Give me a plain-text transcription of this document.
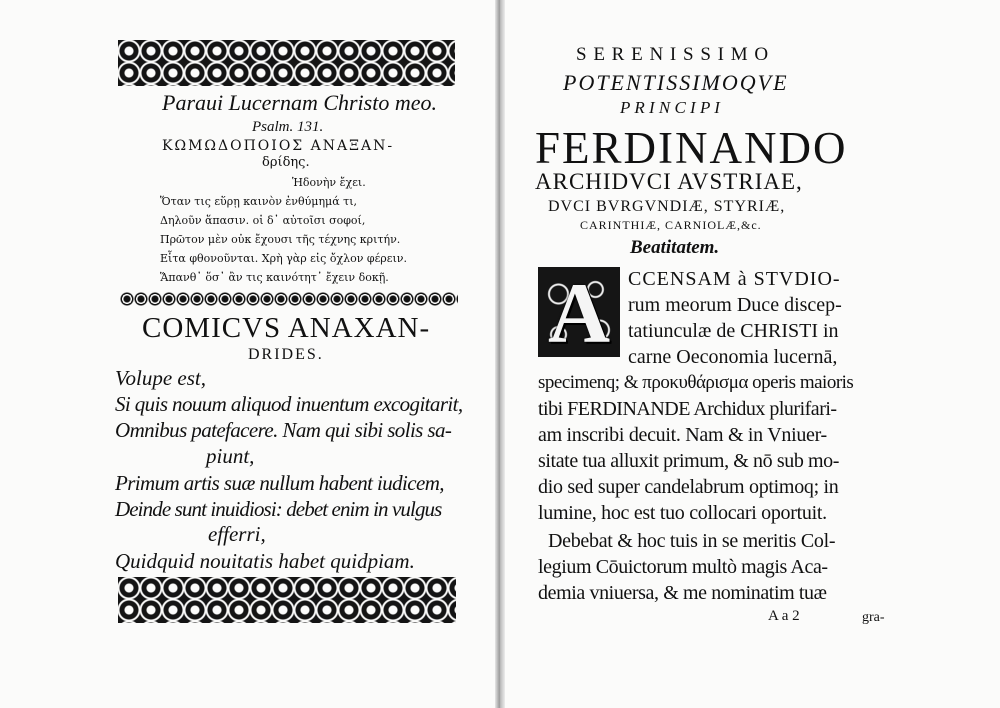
Paraui Lucernam Christo meo.
Psalm. 131.
ΚΩΜΩΔΟΠΟΙΟΣ ΑΝΑΞΑΝ-
δρίδης.
Ἡδονὴν ἔχει.
Ὅταν τις εὕρῃ καινὸν ἐνθύμημά τι,
Δηλοῦν ἅπασιν. οἱ δ᾽ αὐτοῖσι σοφοί,
Πρῶτον μὲν οὐκ ἔχουσι τῆς τέχνης κριτήν.
Εἶτα φθονοῦνται. Χρὴ γὰρ εἰς ὄχλον φέρειν.
Ἅπανθ᾽ ὅσ᾽ ἂν τις καινότητ᾽ ἔχειν δοκῇ.
COMICVS ANAXAN-
DRIDES.
Volupe est,
Si quis nouum aliquod inuentum excogitarit,
Omnibus patefacere. Nam qui sibi solis sa-
piunt,
Primum artis suæ nullum habent iudicem,
Deinde sunt inuidiosi: debet enim in vulgus
efferri,
Quidquid nouitatis habet quidpiam.
S E R E N I S S I M O
POTENTISSIMOQVE
P R I N C I P I
FERDINANDO
ARCHIDVCI AVSTRIAE,
DVCI BVRGVNDIÆ, STYRIÆ,
CARINTHIÆ, CARNIOLÆ,&c.
Beatitatem.
A CCENSAM à STVDIO-
rum meorum Duce discep-
tatiunculæ de CHRISTI in
carne Oeconomia lucernā,
specimenq; & προκυθάρισμα operis maioris
tibi FERDINANDE Archidux plurifari-
am inscribi decuit. Nam & in Vniuer-
sitate tua alluxit primum, & nō sub mo-
dio sed super candelabrum optimoq; in
lumine, hoc est tuo collocari oportuit.
Debebat & hoc tuis in se meritis Col-
legium Cōuictorum multò magis Aca-
demia vniuersa, & me nominatim tuæ
A a 2	gra-
